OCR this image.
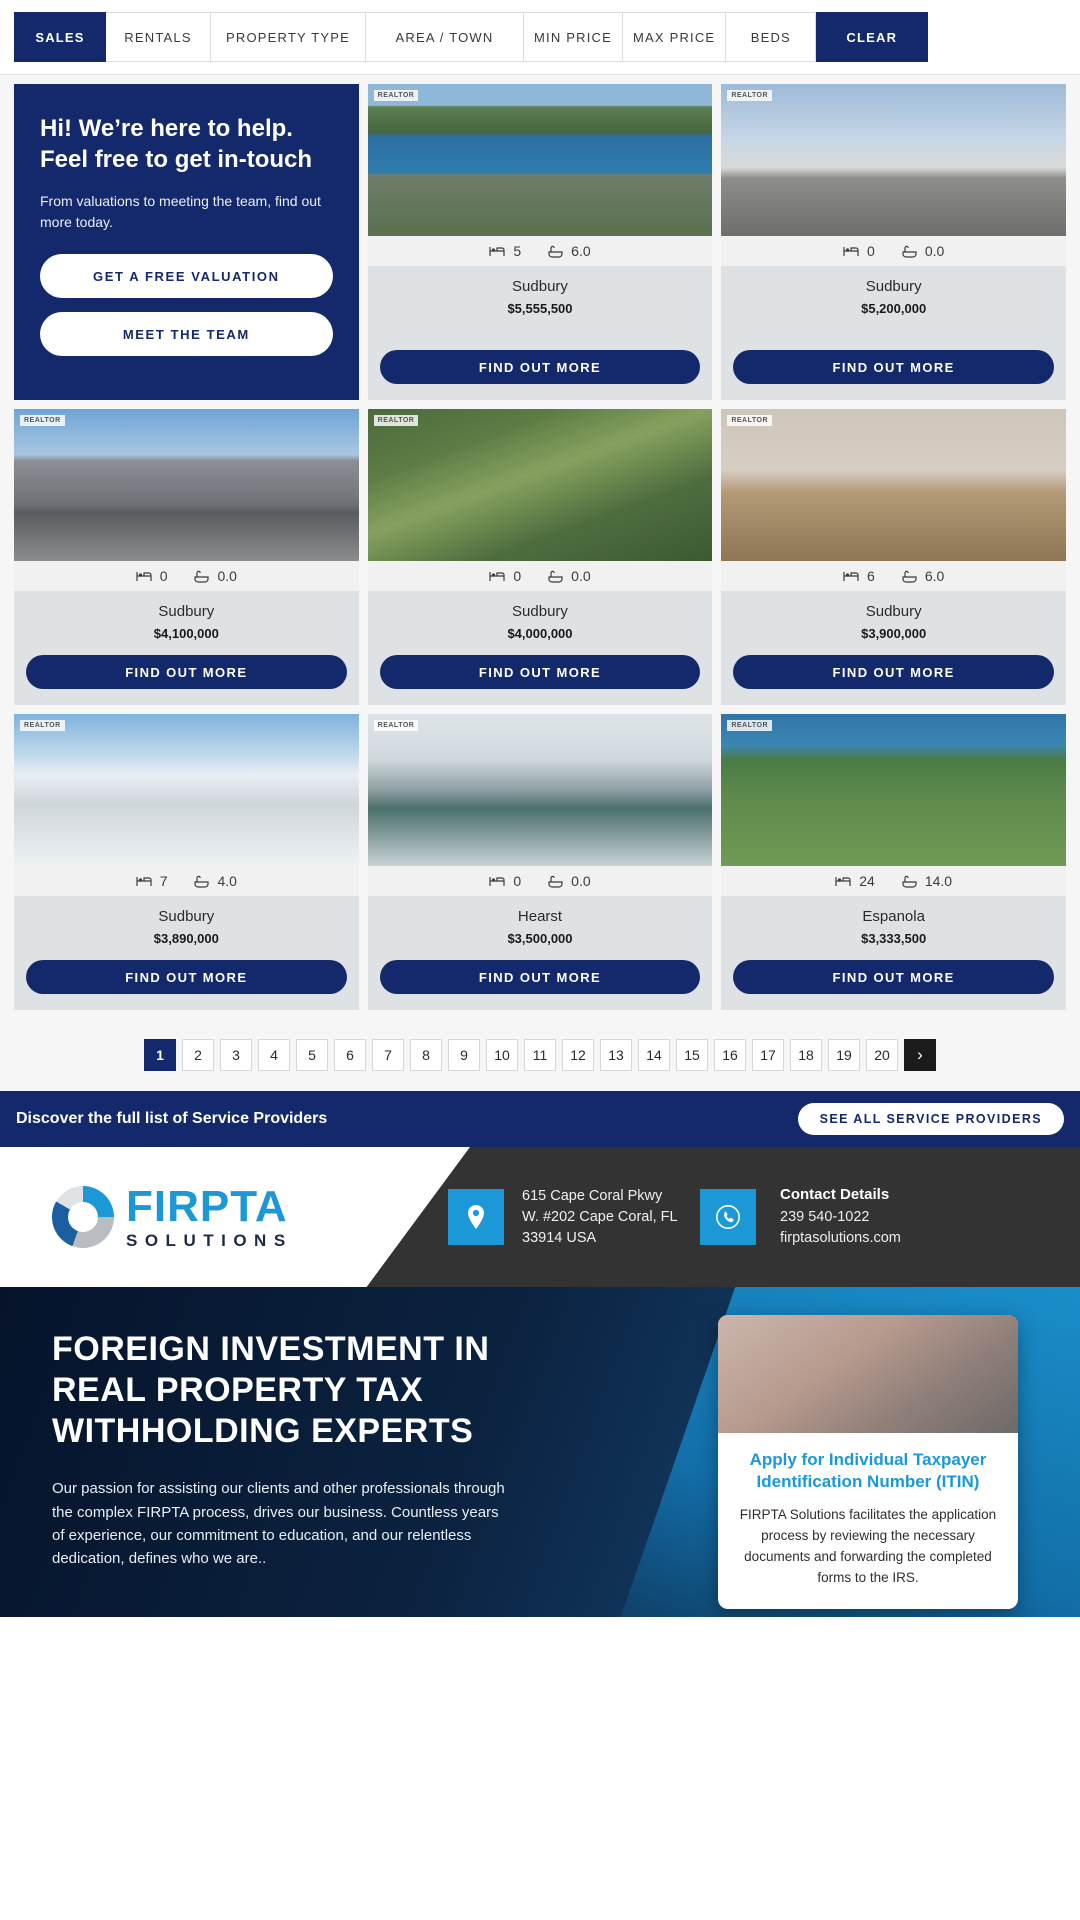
SALES	RENTALS	PROPERTY TYPE	AREA / TOWN	MIN PRICE MAX PRICE	BEDS	CLEAR
Hi! We’re here to help. Feel free to get in-touch

From valuations to meeting the team, find out more today.

GET A FREE VALUATION
MEET THE TEAM
REALTOR
5	6.0
Sudbury
$5,555,500
FIND OUT MORE
REALTOR
0	0.0
Sudbury
$5,200,000
FIND OUT MORE
REALTOR
0	0.0
Sudbury
$4,100,000
FIND OUT MORE
REALTOR
0	0.0
Sudbury
$4,000,000
FIND OUT MORE
REALTOR
6	6.0
Sudbury
$3,900,000
FIND OUT MORE
REALTOR
7	4.0
Sudbury
$3,890,000
FIND OUT MORE
REALTOR
0	0.0
Hearst
$3,500,000
FIND OUT MORE
REALTOR
24	14.0
Espanola
$3,333,500
FIND OUT MORE
1	2	3	4	5	6	7	8	9	10	11	12	13	14	15	16	17	18	19	20	›
Discover the full list of Service Providers	SEE ALL SERVICE PROVIDERS
FIRPTA
SOLUTIONS
615 Cape Coral Pkwy W. #202 Cape Coral, FL 33914 USA
Contact Details
239 540-1022
firptasolutions.com
FOREIGN INVESTMENT IN REAL PROPERTY TAX WITHHOLDING EXPERTS

Our passion for assisting our clients and other professionals through the complex FIRPTA process, drives our business. Countless years of experience, our commitment to education, and our relentless dedication, defines who we are..

Apply for Individual Taxpayer Identification Number (ITIN)

FIRPTA Solutions facilitates the application process by reviewing the necessary documents and forwarding the completed forms to the IRS.
